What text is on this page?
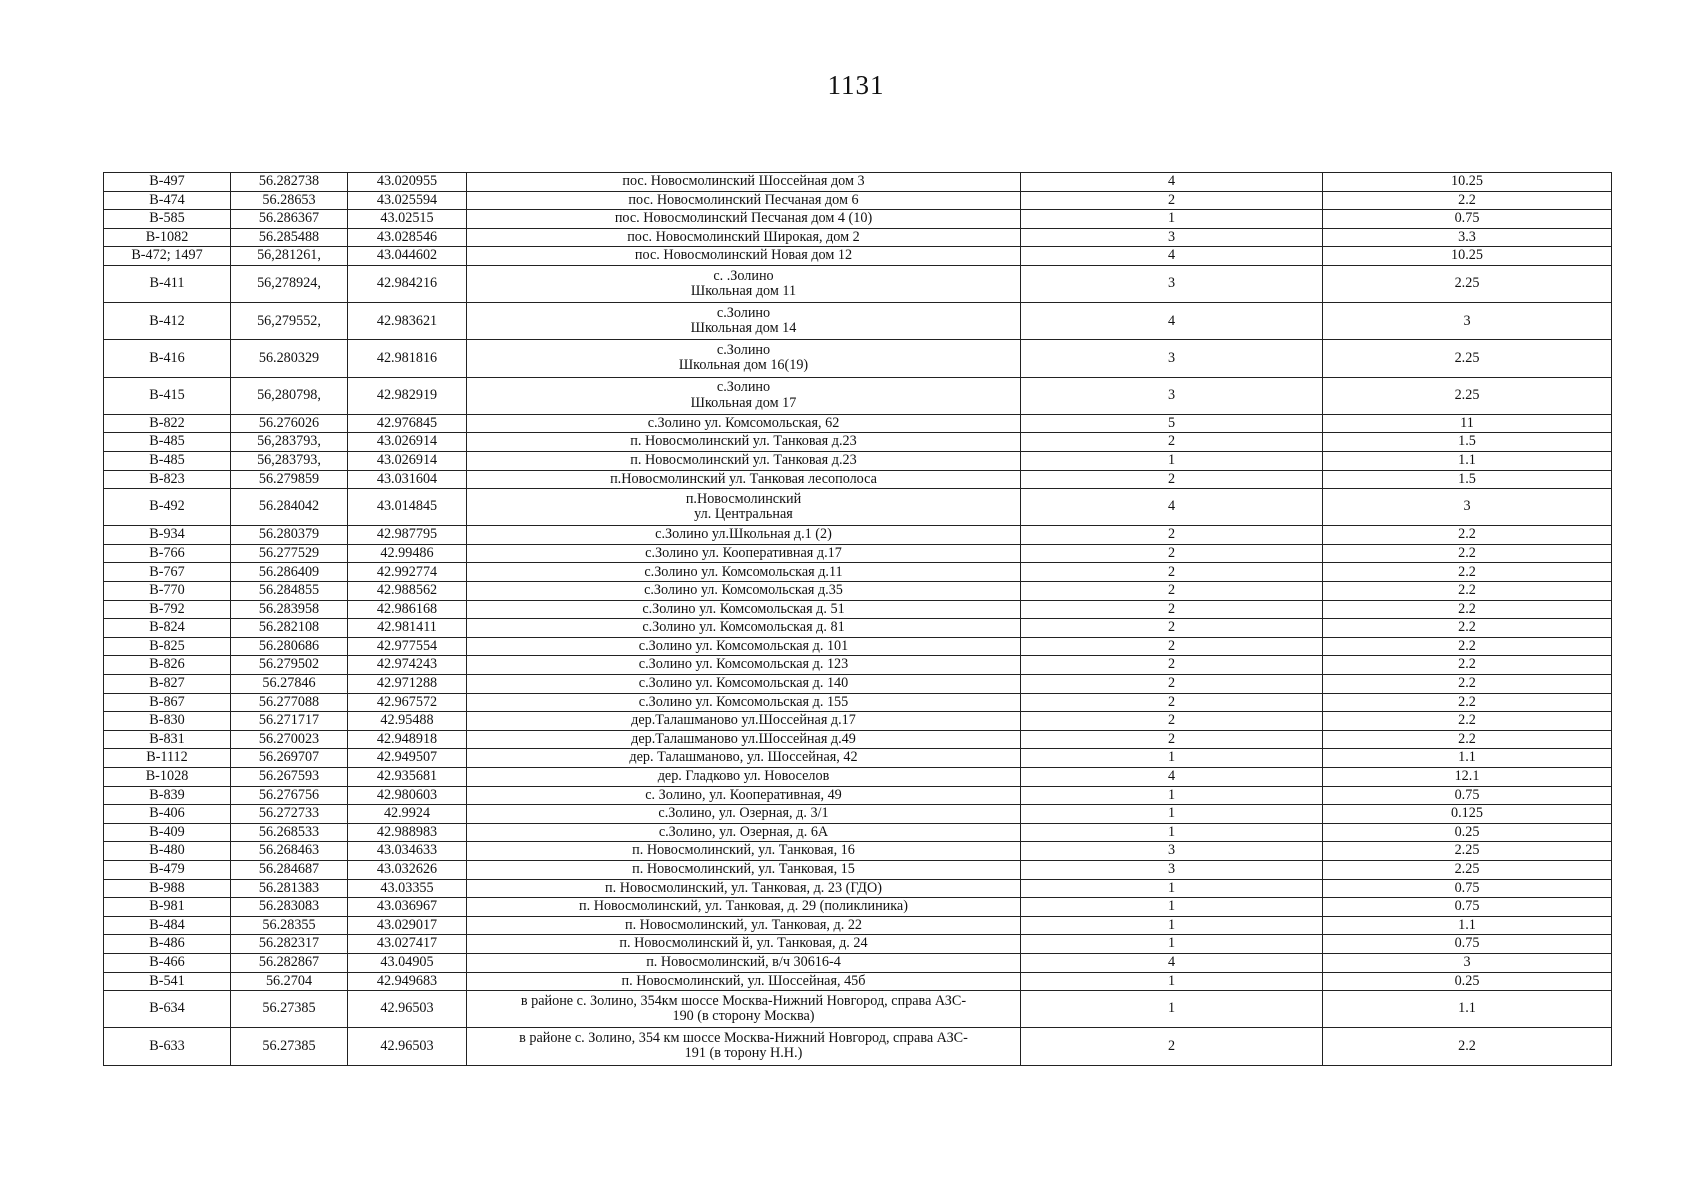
1131
В-497	56.282738	43.020955	пос. Новосмолинский Шоссейная дом 3	4	10.25
В-474	56.28653	43.025594	пос. Новосмолинский Песчаная дом 6	2	2.2
В-585	56.286367	43.02515	пос. Новосмолинский Песчаная дом 4 (10)	1	0.75
В-1082	56.285488	43.028546	пос. Новосмолинский Широкая, дом 2	3	3.3
В-472; 1497	56,281261,	43.044602	пос. Новосмолинский Новая дом 12	4	10.25
В-411	56,278924,	42.984216	с. .Золино
Школьная дом 11	3	2.25
В-412	56,279552,	42.983621	с.Золино
Школьная дом 14	4	3
В-416	56.280329	42.981816	с.Золино
Школьная дом 16(19)	3	2.25
В-415	56,280798,	42.982919	с.Золино
Школьная дом 17	3	2.25
В-822	56.276026	42.976845	с.Золино ул. Комсомольская, 62	5	11
В-485	56,283793,	43.026914	п. Новосмолинский ул. Танковая д.23	2	1.5
В-485	56,283793,	43.026914	п. Новосмолинский ул. Танковая д.23	1	1.1
В-823	56.279859	43.031604	п.Новосмолинский ул. Танковая лесополоса	2	1.5
В-492	56.284042	43.014845	п.Новосмолинский
ул. Центральная	4	3
В-934	56.280379	42.987795	с.Золино ул.Школьная д.1 (2)	2	2.2
В-766	56.277529	42.99486	с.Золино ул. Кооперативная д.17	2	2.2
В-767	56.286409	42.992774	с.Золино ул. Комсомольская д.11	2	2.2
В-770	56.284855	42.988562	с.Золино ул. Комсомольская д.35	2	2.2
В-792	56.283958	42.986168	с.Золино ул. Комсомольская д. 51	2	2.2
В-824	56.282108	42.981411	с.Золино ул. Комсомольская д. 81	2	2.2
В-825	56.280686	42.977554	с.Золино ул. Комсомольская д. 101	2	2.2
В-826	56.279502	42.974243	с.Золино ул. Комсомольская д. 123	2	2.2
В-827	56.27846	42.971288	с.Золино ул. Комсомольская д. 140	2	2.2
В-867	56.277088	42.967572	с.Золино ул. Комсомольская д. 155	2	2.2
В-830	56.271717	42.95488	дер.Талашманово ул.Шоссейная д.17	2	2.2
В-831	56.270023	42.948918	дер.Талашманово ул.Шоссейная д.49	2	2.2
В-1112	56.269707	42.949507	дер. Талашманово, ул. Шоссейная, 42	1	1.1
В-1028	56.267593	42.935681	дер. Гладково ул. Новоселов	4	12.1
В-839	56.276756	42.980603	с. Золино, ул. Кооперативная, 49	1	0.75
В-406	56.272733	42.9924	с.Золино, ул. Озерная, д. 3/1	1	0.125
В-409	56.268533	42.988983	с.Золино, ул. Озерная, д. 6А	1	0.25
В-480	56.268463	43.034633	п. Новосмолинский, ул. Танковая, 16	3	2.25
В-479	56.284687	43.032626	п. Новосмолинский, ул. Танковая, 15	3	2.25
В-988	56.281383	43.03355	п. Новосмолинский, ул. Танковая, д. 23 (ГДО)	1	0.75
В-981	56.283083	43.036967	п. Новосмолинский, ул. Танковая, д. 29 (поликлиника)	1	0.75
В-484	56.28355	43.029017	п. Новосмолинский, ул. Танковая, д. 22	1	1.1
В-486	56.282317	43.027417	п. Новосмолинский й, ул. Танковая, д. 24	1	0.75
В-466	56.282867	43.04905	п. Новосмолинский, в/ч 30616-4	4	3
В-541	56.2704	42.949683	п. Новосмолинский, ул. Шоссейная, 45б	1	0.25
В-634	56.27385	42.96503	в районе с. Золино, 354км шоссе Москва-Нижний Новгород, справа АЗС-
190 (в сторону Москва)	1	1.1
В-633	56.27385	42.96503	в районе с. Золино, 354 км шоссе Москва-Нижний Новгород, справа АЗС-
191 (в торону Н.Н.)	2	2.2
